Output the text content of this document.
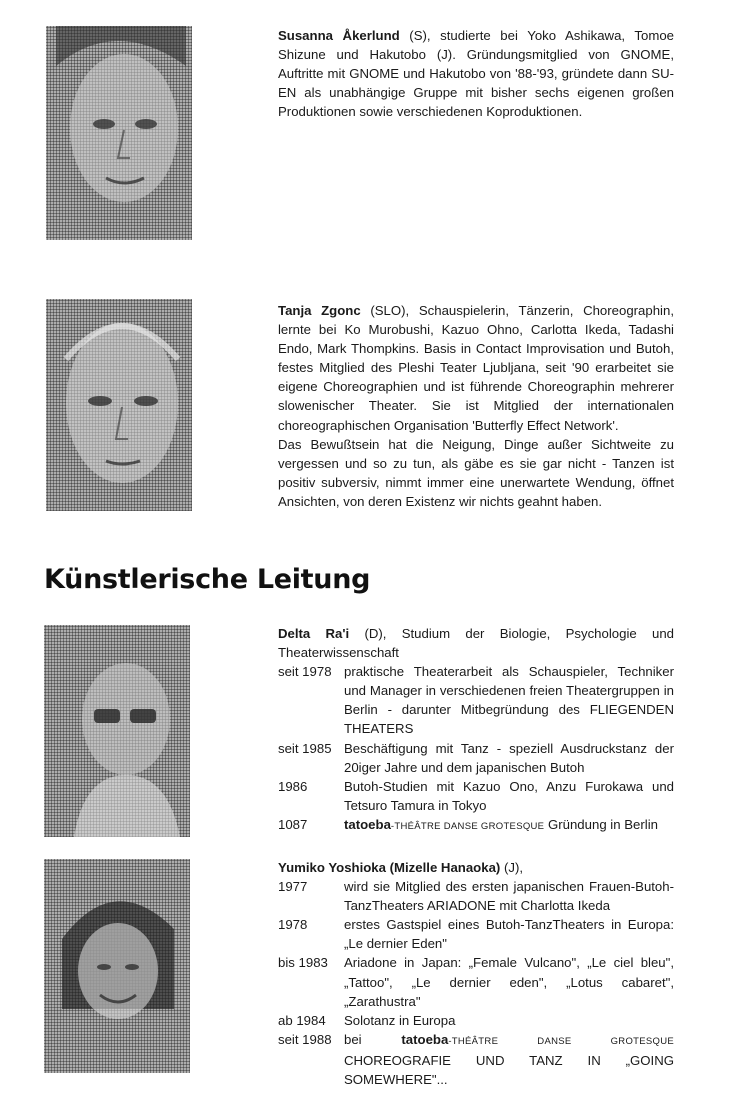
Susanna Åkerlund (S), studierte bei Yoko Ashikawa, Tomoe Shizune und Hakutobo (J). Gründungsmitglied von GNOME, Auftritte mit GNOME und Hakutobo von '88-'93, gründete dann SU-EN als unabhängige Gruppe mit bisher sechs eigenen großen Produktionen sowie verschiedenen Koproduktionen.

Tanja Zgonc (SLO), Schauspielerin, Tänzerin, Choreographin, lernte bei Ko Murobushi, Kazuo Ohno, Carlotta Ikeda, Tadashi Endo, Mark Thompkins. Basis in Contact Improvisation und Butoh, festes Mitglied des Pleshi Teater Ljubljana, seit '90 erarbeitet sie eigene Choreographien und ist führende Choreographin mehrerer slowenischer Theater. Sie ist Mitglied der internationalen choreographischen Organisation 'Butterfly Effect Network'.

Das Bewußtsein hat die Neigung, Dinge außer Sichtweite zu vergessen und so zu tun, als gäbe es sie gar nicht - Tanzen ist positiv subversiv, nimmt immer eine unerwartete Wendung, öffnet Ansichten, von deren Existenz wir nichts geahnt haben.

Künstlerische Leitung

Delta Ra'i (D), Studium der Biologie, Psychologie und Theaterwissenschaft

seit 1978 praktische Theaterarbeit als Schauspieler, Techniker und Manager in verschiedenen freien Theatergruppen in Berlin - darunter Mitbegründung des FLIEGENDEN THEATERS
seit 1985 Beschäftigung mit Tanz - speziell Ausdruckstanz der 20iger Jahre und dem japanischen Butoh
1986	Butoh-Studien mit Kazuo Ono, Anzu Furokawa und Tetsuro Tamura in Tokyo
1087	tatoeba-THÉÂTRE DANSE GROTESQUE Gründung in Berlin

Yumiko Yoshioka (Mizelle Hanaoka) (J),

1977	wird sie Mitglied des ersten japanischen Frauen-Butoh-TanzTheaters ARIADONE mit Charlotta Ikeda
1978	erstes Gastspiel eines Butoh-TanzTheaters in Europa: „Le dernier Eden"
bis 1983	Ariadone in Japan: „Female Vulcano", „Le ciel bleu", „Tattoo", „Le dernier eden", „Lotus cabaret", „Zarathustra"
ab 1984	Solotanz in Europa
seit 1988 bei tatoeba-THÉÂTRE DANSE GROTESQUE CHOREOGRAFIE UND TANZ IN „GOING SOMEWHERE"...
